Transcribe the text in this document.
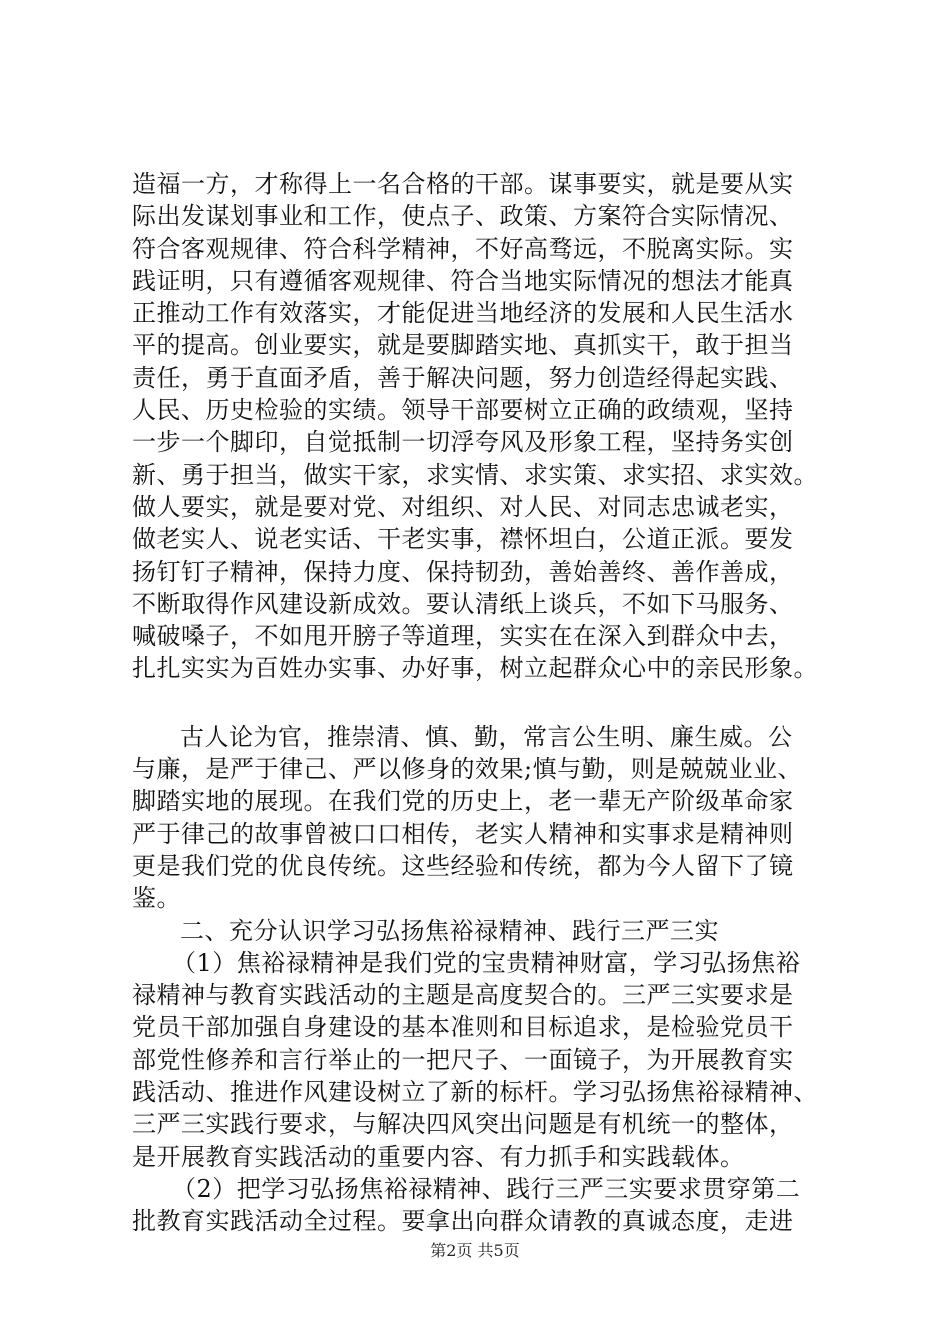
造福一方，才称得上一名合格的干部。谋事要实，就是要从实
际出发谋划事业和工作，使点子、政策、方案符合实际情况、
符合客观规律、符合科学精神，不好高骛远，不脱离实际。实
践证明，只有遵循客观规律、符合当地实际情况的想法才能真
正推动工作有效落实，才能促进当地经济的发展和人民生活水
平的提高。创业要实，就是要脚踏实地、真抓实干，敢于担当
责任，勇于直面矛盾，善于解决问题，努力创造经得起实践、
人民、历史检验的实绩。领导干部要树立正确的政绩观，坚持
一步一个脚印，自觉抵制一切浮夸风及形象工程，坚持务实创
新、勇于担当，做实干家，求实情、求实策、求实招、求实效。
做人要实，就是要对党、对组织、对人民、对同志忠诚老实，
做老实人、说老实话、干老实事，襟怀坦白，公道正派。要发
扬钉钉子精神，保持力度、保持韧劲，善始善终、善作善成，
不断取得作风建设新成效。要认清纸上谈兵，不如下马服务、
喊破嗓子，不如甩开膀子等道理，实实在在深入到群众中去，
扎扎实实为百姓办实事、办好事，树立起群众心中的亲民形象。
古人论为官，推崇清、慎、勤，常言公生明、廉生威。公
与廉，是严于律己、严以修身的效果;慎与勤，则是兢兢业业、
脚踏实地的展现。在我们党的历史上，老一辈无产阶级革命家
严于律己的故事曾被口口相传，老实人精神和实事求是精神则
更是我们党的优良传统。这些经验和传统，都为今人留下了镜
鉴。
二、充分认识学习弘扬焦裕禄精神、践行三严三实
（1）焦裕禄精神是我们党的宝贵精神财富，学习弘扬焦裕
禄精神与教育实践活动的主题是高度契合的。三严三实要求是
党员干部加强自身建设的基本准则和目标追求，是检验党员干
部党性修养和言行举止的一把尺子、一面镜子，为开展教育实
践活动、推进作风建设树立了新的标杆。学习弘扬焦裕禄精神、
三严三实践行要求，与解决四风突出问题是有机统一的整体，
是开展教育实践活动的重要内容、有力抓手和实践载体。
（2）把学习弘扬焦裕禄精神、践行三严三实要求贯穿第二
批教育实践活动全过程。要拿出向群众请教的真诚态度，走进
第2页 共5页
